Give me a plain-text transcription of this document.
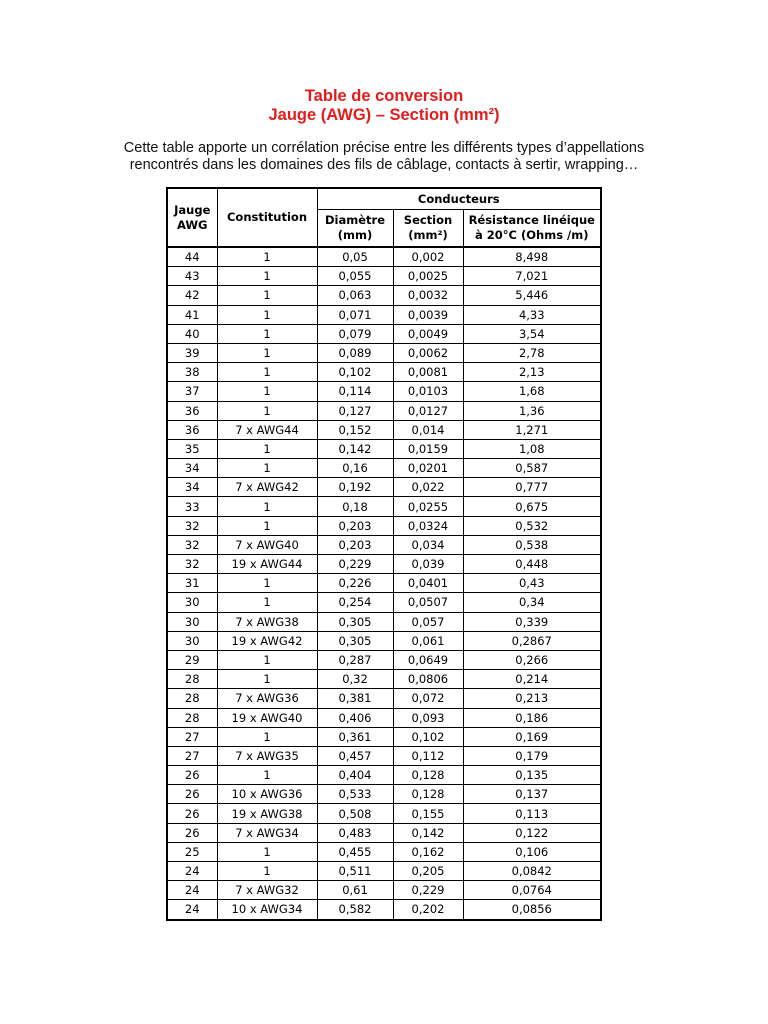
Table de conversion
Jauge (AWG) – Section (mm²)
Cette table apporte un corrélation précise entre les différents types d’appellations
rencontrés dans les domaines des fils de câblage, contacts à sertir, wrapping…
Jauge AWG	Constitution	Conducteurs		
		Diamètre (mm)	Section (mm²)	Résistance linéique à 20°C (Ohms /m)
44	1	0,05	0,002	8,498
43	1	0,055	0,0025	7,021
42	1	0,063	0,0032	5,446
41	1	0,071	0,0039	4,33
40	1	0,079	0,0049	3,54
39	1	0,089	0,0062	2,78
38	1	0,102	0,0081	2,13
37	1	0,114	0,0103	1,68
36	1	0,127	0,0127	1,36
36	7 x AWG44	0,152	0,014	1,271
35	1	0,142	0,0159	1,08
34	1	0,16	0,0201	0,587
34	7 x AWG42	0,192	0,022	0,777
33	1	0,18	0,0255	0,675
32	1	0,203	0,0324	0,532
32	7 x AWG40	0,203	0,034	0,538
32	19 x AWG44	0,229	0,039	0,448
31	1	0,226	0,0401	0,43
30	1	0,254	0,0507	0,34
30	7 x AWG38	0,305	0,057	0,339
30	19 x AWG42	0,305	0,061	0,2867
29	1	0,287	0,0649	0,266
28	1	0,32	0,0806	0,214
28	7 x AWG36	0,381	0,072	0,213
28	19 x AWG40	0,406	0,093	0,186
27	1	0,361	0,102	0,169
27	7 x AWG35	0,457	0,112	0,179
26	1	0,404	0,128	0,135
26	10 x AWG36	0,533	0,128	0,137
26	19 x AWG38	0,508	0,155	0,113
26	7 x AWG34	0,483	0,142	0,122
25	1	0,455	0,162	0,106
24	1	0,511	0,205	0,0842
24	7 x AWG32	0,61	0,229	0,0764
24	10 x AWG34	0,582	0,202	0,0856
